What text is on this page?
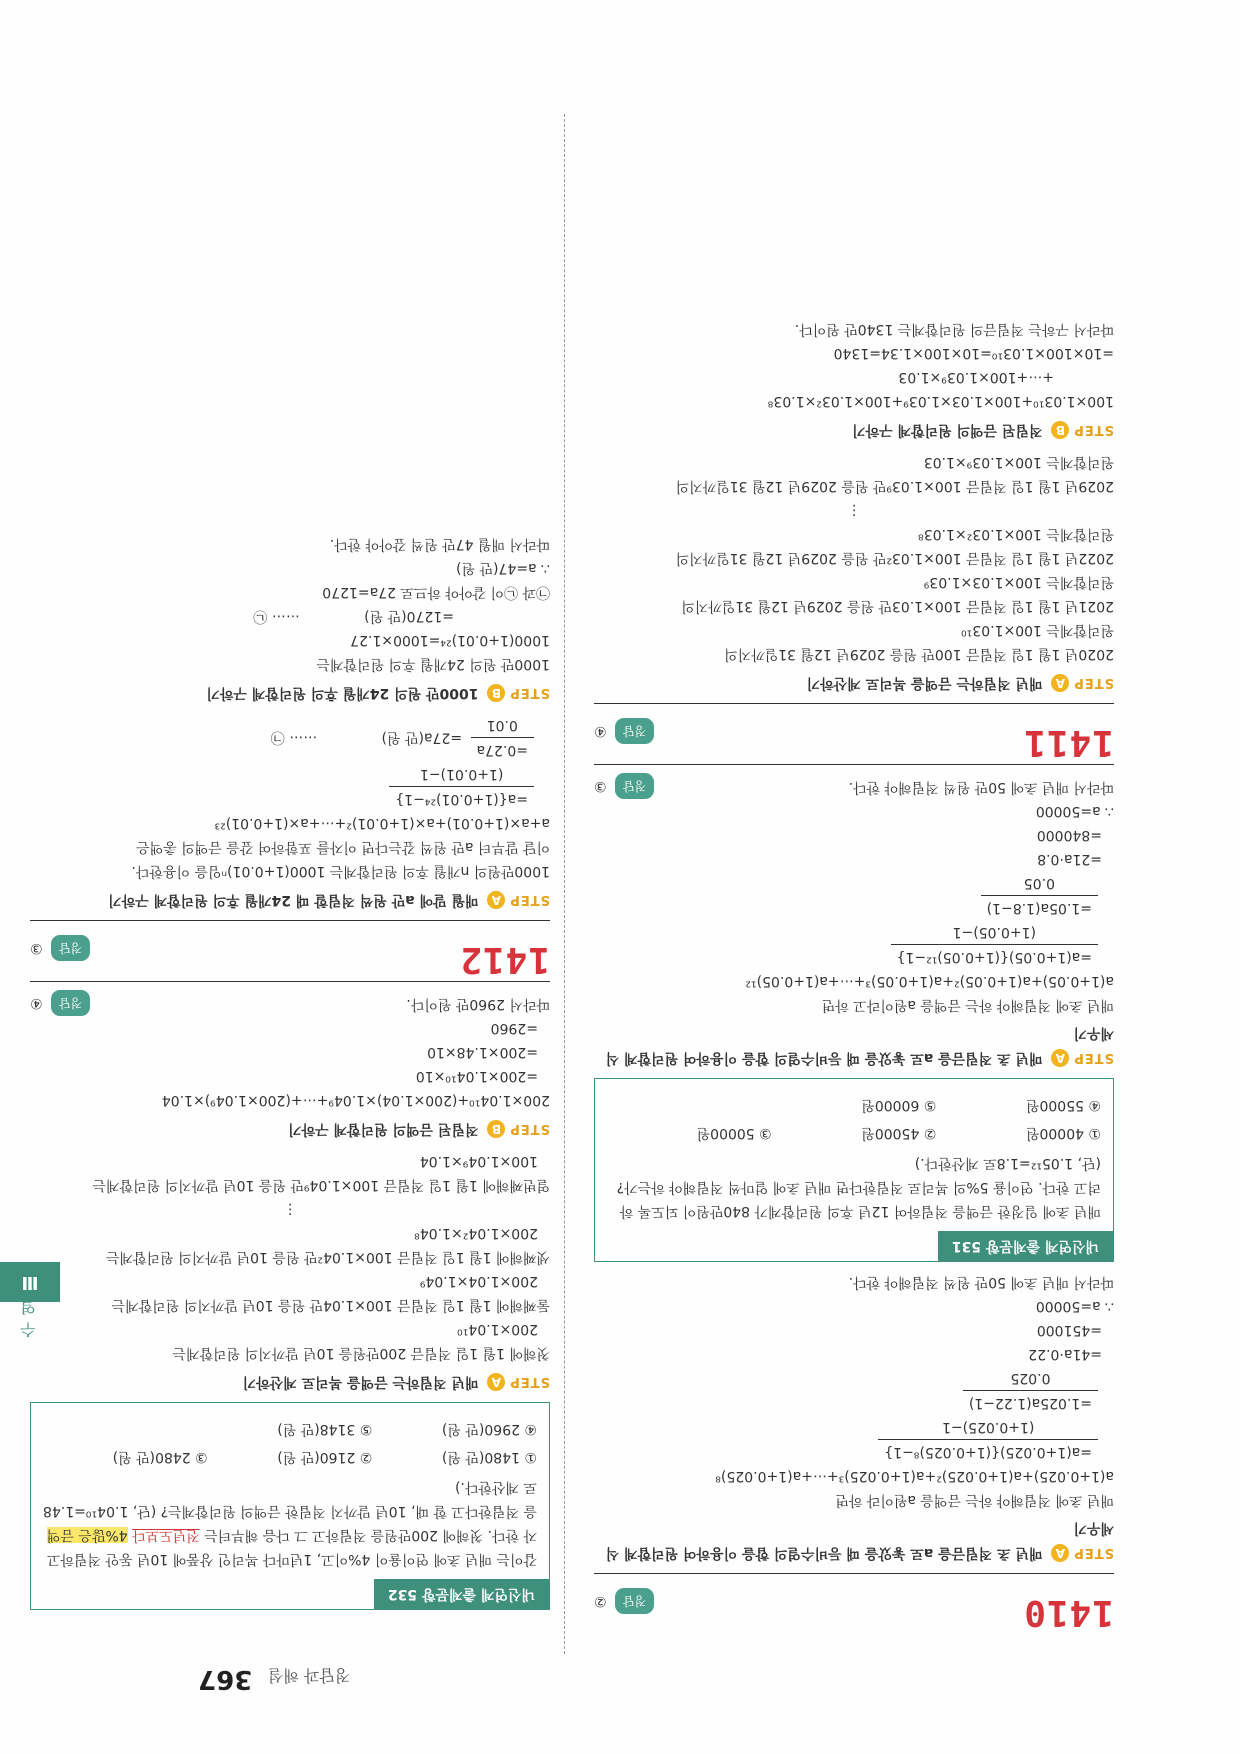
정답과 해설
367
Ⅲ
수열
1410
정답 ②
STEPA 매년 초 적립금을 a로 놓았을 때 등비수열의 합을 이용하여 원리합계 식 세우기
매년 초에 적립해야 하는 금액을 a원이라 하면
a(1+0.025)+a(1+0.025)²+a(1+0.025)³+⋯+a(1+0.025)⁸
=a(1+0.025){(1+0.025)⁸−1}
(1+0.025)−1
=1.025a(1.22−1)
0.025
=41a·0.22
=451000
∴ a=50000
따라서 매년 초에 50만 원씩 적립해야 한다.
내신연계 출제문항 531
매년 초에 일정한 금액을 적립하여 12년 후의 원리합계가 840만원이 되도록 하려고 한다. 연이율 5%의 복리로 적립한다면 매년 초에 얼마씩 적립해야 하는가? (단, 1.05¹²=1.8로 계산한다.)
① 40000원
② 45000원
③ 50000원
④ 55000원
⑤ 60000원
STEPA 매년 초 적립금을 a로 놓았을 때 등비수열의 합을 이용하여 원리합계 식 세우기
매년 초에 적립해야 하는 금액을 a원이라고 하면
a(1+0.05)+a(1+0.05)²+a(1+0.05)³+⋯+a(1+0.05)¹²
=a(1+0.05){(1+0.05)¹²−1}
(1+0.05)−1
=1.05a(1.8−1)
0.05
=21a·0.8
=840000
∴ a=50000
따라서 매년 초에 50만 원씩 적립해야 한다.
정답 ③
1411
정답 ④
STEPA 매년 적립하는 금액을 복리로 계산하기
2020년 1월 1일 적립금 100만 원을 2029년 12월 31일까지의
원리합계는 100×1.03¹⁰
2021년 1월 1일 적립금 100×1.03만 원을 2029년 12월 31일까지의
원리합계는 100×1.03×1.03⁹
2022년 1월 1일 적립금 100×1.03²만 원을 2029년 12월 31일까지의
원리합계는 100×1.03²×1.03⁸
⋮
2029년 1월 1일 적립금 100×1.03⁹만 원을 2029년 12월 31일까지의
원리합계는 100×1.03⁹×1.03
STEPB 적립된 금액의 원리합계 구하기
100×1.03¹⁰+100×1.03×1.03⁹+100×1.03²×1.03⁸
+⋯+100×1.03⁹×1.03
=10×100×1.03¹⁰=10×100×1.34=1340
따라서 구하는 적립금의 원리합계는 1340만 원이다.
내신연계 출제문항 532
갑이는 매년 초에 연이율이 4%이고, 1년마다 복리인 상품에 10년 동안 적립하고자 한다. 첫해에 200만원을 적립하고 그 다음 해부터는 전년도보다 4%많은 금액을 적립한다고 할 때, 10년 말까지 적립한 금액의 원리합계는? (단, 1.04¹⁰=1.48로 계산한다.)
① 1480(만 원)
② 2160(만 원)
③ 2480(만 원)
④ 2960(만 원)
⑤ 3148(만 원)
STEPA 매년 적립하는 금액을 복리로 계산하기
첫해에 1월 1일 적립금 200만원을 10년 말까지의 원리합계는
200×1.04¹⁰
둘째해에 1월 1일 적립금 100×1.04만 원을 10년 말까지의 원리합계는
200×1.04×1.04⁹
셋째해에 1월 1일 적립금 100×1.04²만 원을 10년 말까지의 원리합계는
200×1.04²×1.04⁸
⋮
열번째해에 1월 1일 적립금 100×1.04⁹만 원을 10년 말까지의 원리합계는
100×1.04⁹×1.04
STEPB 적립된 금액의 원리합계 구하기
200×1.04¹⁰+(200×1.04)×1.04⁹+⋯+(200×1.04⁹)×1.04
=200×1.04¹⁰×10
=200×1.48×10
=2960
따라서 2960만 원이다.
정답 ④
1412
정답 ③
STEPA 매월 말에 a만 원씩 적립할 때 24개월 후의 원리합계 구하기
1000만원의 n개월 후의 원리합계는 1000(1+0.01)ⁿ임을 이용한다.
이달 말부터 a만 원씩 갚는다면 이자를 포함하여 갚을 금액의 총액은
a+a×(1+0.01)+a×(1+0.01)²+⋯+a×(1+0.01)²³
=a{(1+0.01)²⁴−1}
(1+0.01)−1
=0.27a
0.01
=27a(만 원) ⋯⋯ ㉠
STEPB 1000만 원의 24개월 후의 원리합계 구하기
1000만 원의 24개월 후의 원리합계는
1000(1+0.01)²⁴=1000×1.27
=1270(만 원) ⋯⋯ ㉡
㉠과 ㉡이 같아야 하므로 27a=1270
∴ a=47(만 원)
따라서 매월 47만 원씩 갚아야 한다.
